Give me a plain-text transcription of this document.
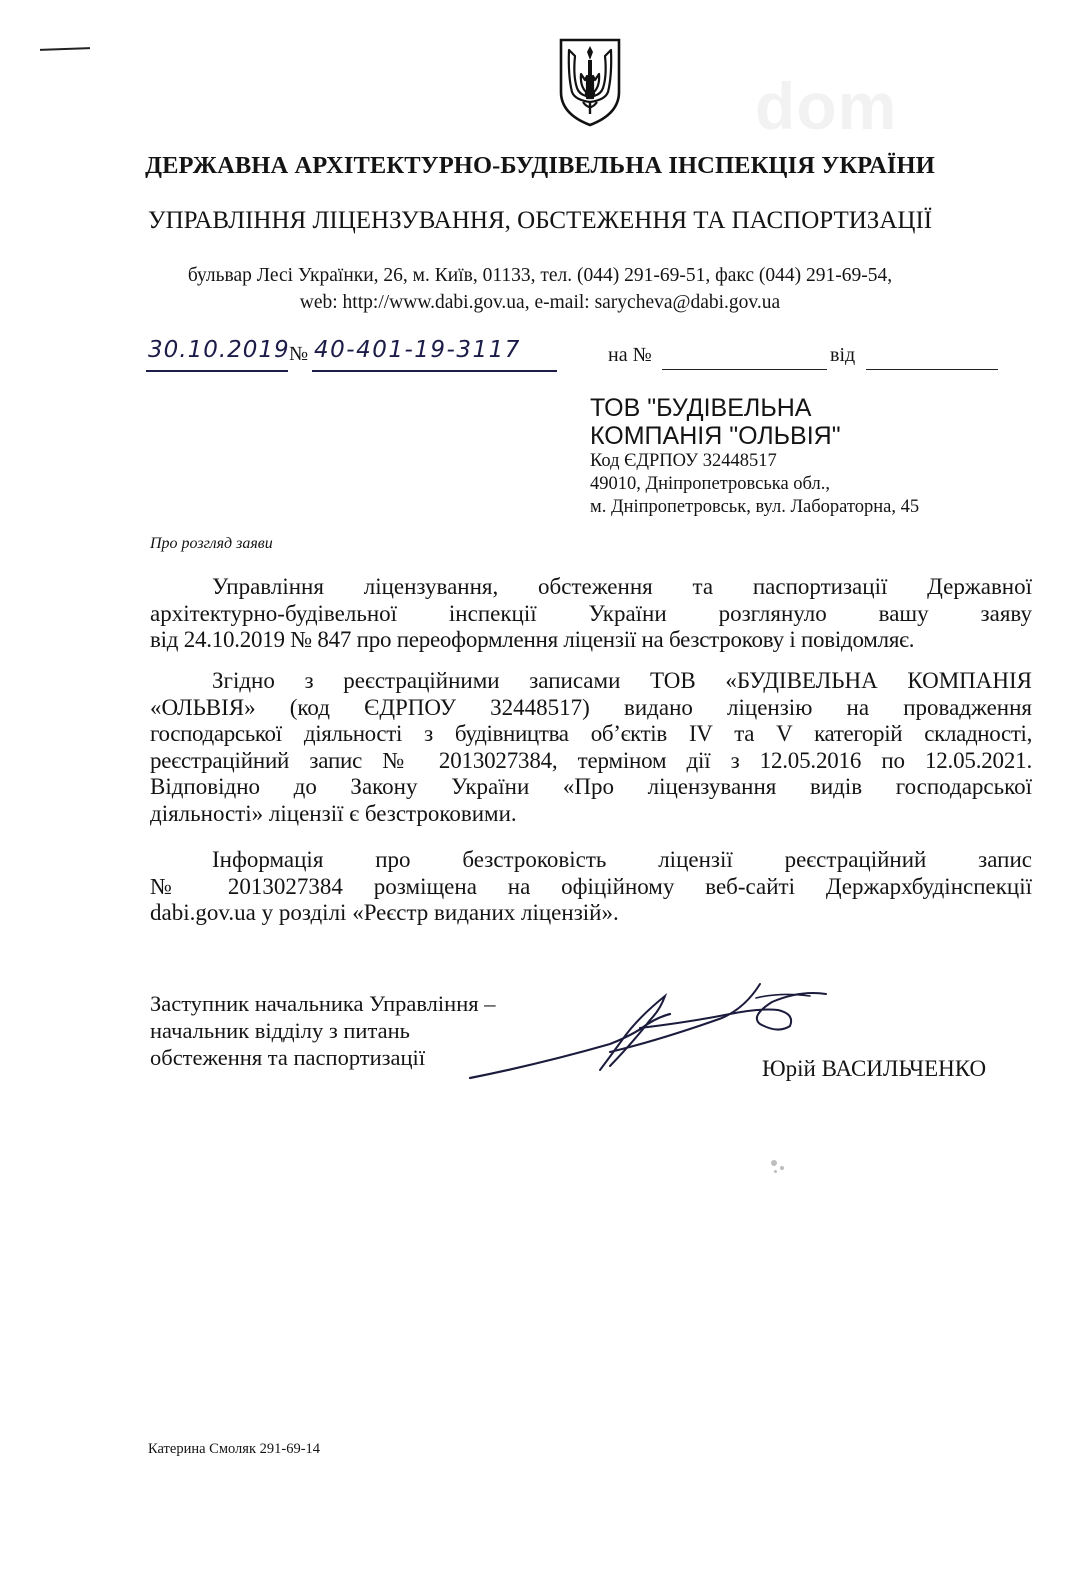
dom
ДЕРЖАВНА АРХІТЕКТУРНО-БУДІВЕЛЬНА ІНСПЕКЦІЯ УКРАЇНИ
УПРАВЛІННЯ ЛІЦЕНЗУВАННЯ, ОБСТЕЖЕННЯ ТА ПАСПОРТИЗАЦІЇ
бульвар Лесі Українки, 26, м. Київ, 01133, тел. (044) 291-69-51, факс (044) 291-69-54,
web: http://www.dabi.gov.ua, e-mail: sarycheva@dabi.gov.ua
30.10.2019 № 40-401-19-3117	на №	від
ТОВ "БУДІВЕЛЬНА
КОМПАНІЯ "ОЛЬВІЯ"
Код ЄДРПОУ 32448517
49010, Дніпропетровська обл.,
м. Дніпропетровськ, вул. Лабораторна, 45
Про розгляд заяви
Управління ліцензування, обстеження та паспортизації Державної
архітектурно-будівельної інспекції України розглянуло вашу заяву
від 24.10.2019 № 847 про переоформлення ліцензії на безстрокову і повідомляє.
Згідно з реєстраційними записами ТОВ «БУДІВЕЛЬНА КОМПАНІЯ
«ОЛЬВІЯ» (код ЄДРПОУ 32448517) видано ліцензію на провадження
господарської діяльності з будівництва об’єктів IV та V категорій складності,
реєстраційний запис № 2013027384, терміном дії з 12.05.2016 по 12.05.2021.
Відповідно до Закону України «Про ліцензування видів господарської
діяльності» ліцензії є безстроковими.
Інформація про безстроковість ліцензії реєстраційний запис
№ 2013027384 розміщена на офіційному веб-сайті Держархбудінспекції
dabi.gov.ua у розділі «Реєстр виданих ліцензій».
Заступник начальника Управління –
начальник відділу з питань
обстеження та паспортизації	Юрій ВАСИЛЬЧЕНКО
Катерина Смоляк 291-69-14
